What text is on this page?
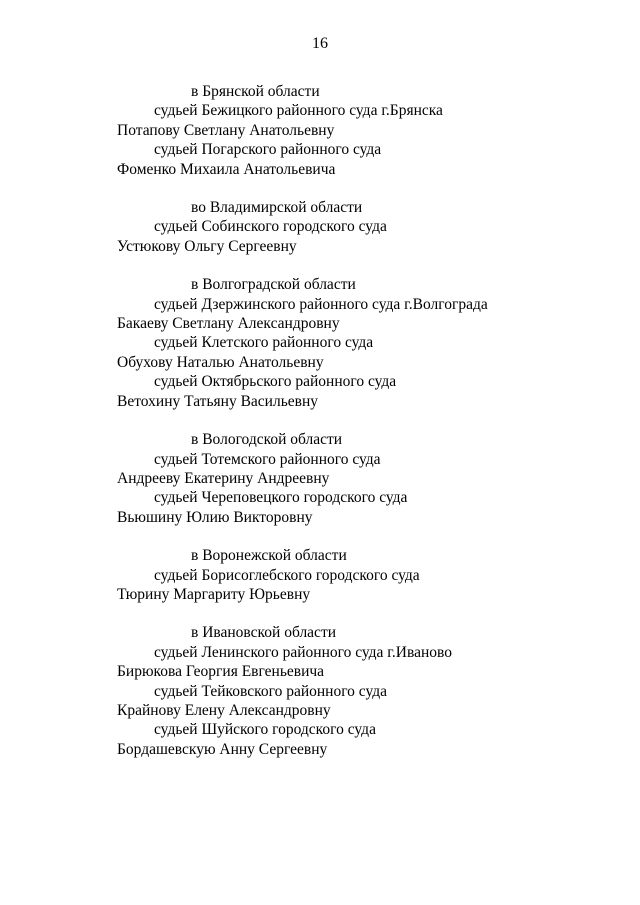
16
в Брянской области
судьей Бежицкого районного суда г.Брянска
Потапову Светлану Анатольевну
судьей Погарского районного суда
Фоменко Михаила Анатольевича
во Владимирской области
судьей Собинского городского суда
Устюкову Ольгу Сергеевну
в Волгоградской области
судьей Дзержинского районного суда г.Волгограда
Бакаеву Светлану Александровну
судьей Клетского районного суда
Обухову Наталью Анатольевну
судьей Октябрьского районного суда
Ветохину Татьяну Васильевну
в Вологодской области
судьей Тотемского районного суда
Андрееву Екатерину Андреевну
судьей Череповецкого городского суда
Вьюшину Юлию Викторовну
в Воронежской области
судьей Борисоглебского городского суда
Тюрину Маргариту Юрьевну
в Ивановской области
судьей Ленинского районного суда г.Иваново
Бирюкова Георгия Евгеньевича
судьей Тейковского районного суда
Крайнову Елену Александровну
судьей Шуйского городского суда
Бордашевскую Анну Сергеевну
